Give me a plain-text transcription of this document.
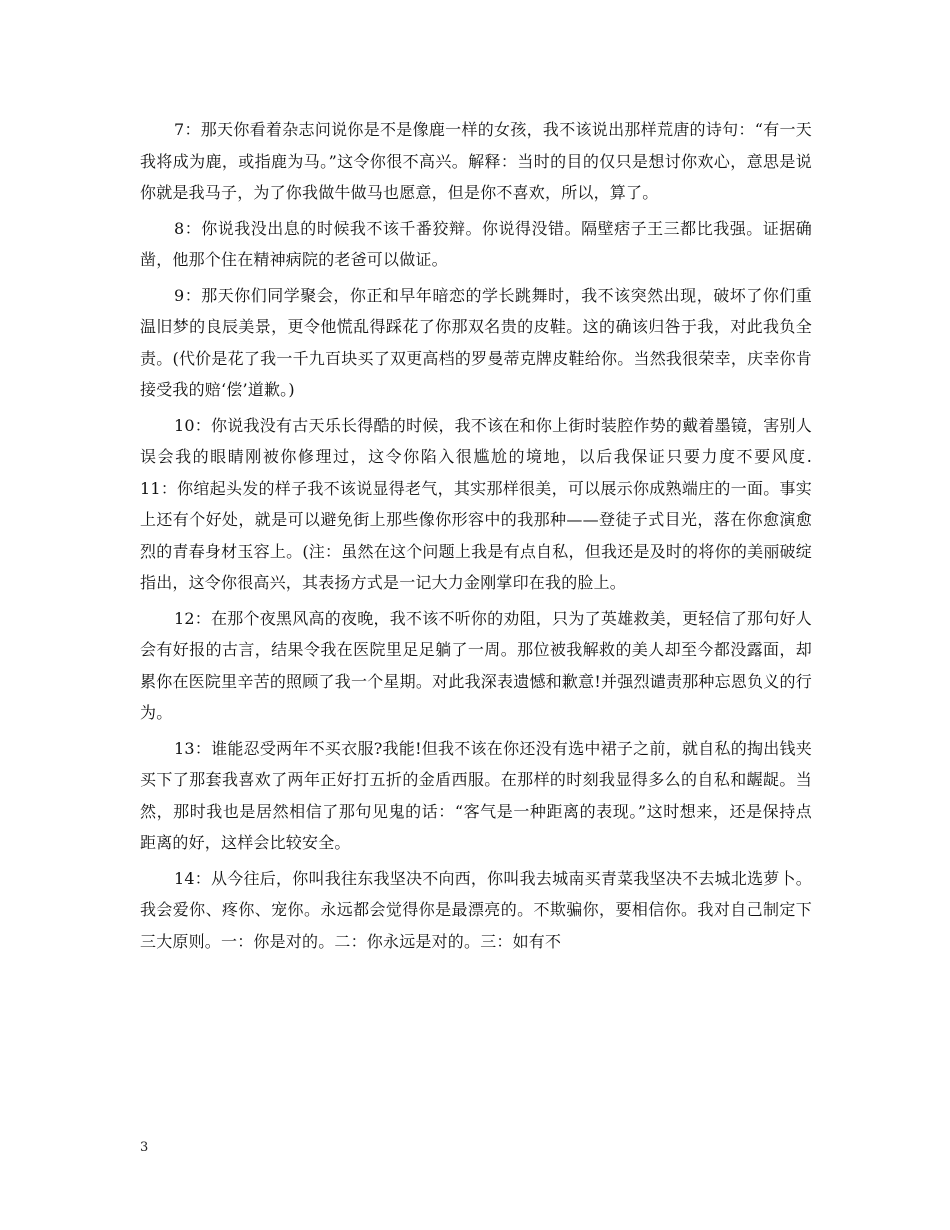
7：那天你看着杂志问说你是不是像鹿一样的女孩，我不该说出那样荒唐的诗句：“有一天我将成为鹿，或指鹿为马。”这令你很不高兴。解释：当时的目的仅只是想讨你欢心，意思是说你就是我马子，为了你我做牛做马也愿意，但是你不喜欢，所以，算了。

8：你说我没出息的时候我不该千番狡辩。你说得没错。隔壁痞子王三都比我强。证据确凿，他那个住在精神病院的老爸可以做证。

9：那天你们同学聚会，你正和早年暗恋的学长跳舞时，我不该突然出现，破坏了你们重温旧梦的良辰美景，更令他慌乱得踩花了你那双名贵的皮鞋。这的确该归咎于我，对此我负全责。(代价是花了我一千九百块买了双更高档的罗曼蒂克牌皮鞋给你。当然我很荣幸，庆幸你肯接受我的赔‘偿’道歉。)

10：你说我没有古天乐长得酷的时候，我不该在和你上街时装腔作势的戴着墨镜，害别人误会我的眼睛刚被你修理过，这令你陷入很尴尬的境地，以后我保证只要力度不要风度.　　11：你绾起头发的样子我不该说显得老气，其实那样很美，可以展示你成熟端庄的一面。事实上还有个好处，就是可以避免街上那些像你形容中的我那种——登徒子式目光，落在你愈演愈烈的青春身材玉容上。(注：虽然在这个问题上我是有点自私，但我还是及时的将你的美丽破绽指出，这令你很高兴，其表扬方式是一记大力金刚掌印在我的脸上。

12：在那个夜黑风高的夜晚，我不该不听你的劝阻，只为了英雄救美，更轻信了那句好人会有好报的古言，结果令我在医院里足足躺了一周。那位被我解救的美人却至今都没露面，却累你在医院里辛苦的照顾了我一个星期。对此我深表遗憾和歉意!并强烈谴责那种忘恩负义的行为。

13：谁能忍受两年不买衣服?我能!但我不该在你还没有选中裙子之前，就自私的掏出钱夹买下了那套我喜欢了两年正好打五折的金盾西服。在那样的时刻我显得多么的自私和龌龊。当然，那时我也是居然相信了那句见鬼的话：“客气是一种距离的表现。”这时想来，还是保持点距离的好，这样会比较安全。

14：从今往后，你叫我往东我坚决不向西，你叫我去城南买青菜我坚决不去城北选萝卜。我会爱你、疼你、宠你。永远都会觉得你是最漂亮的。不欺骗你，要相信你。我对自己制定下三大原则。一：你是对的。二：你永远是对的。三：如有不

3
